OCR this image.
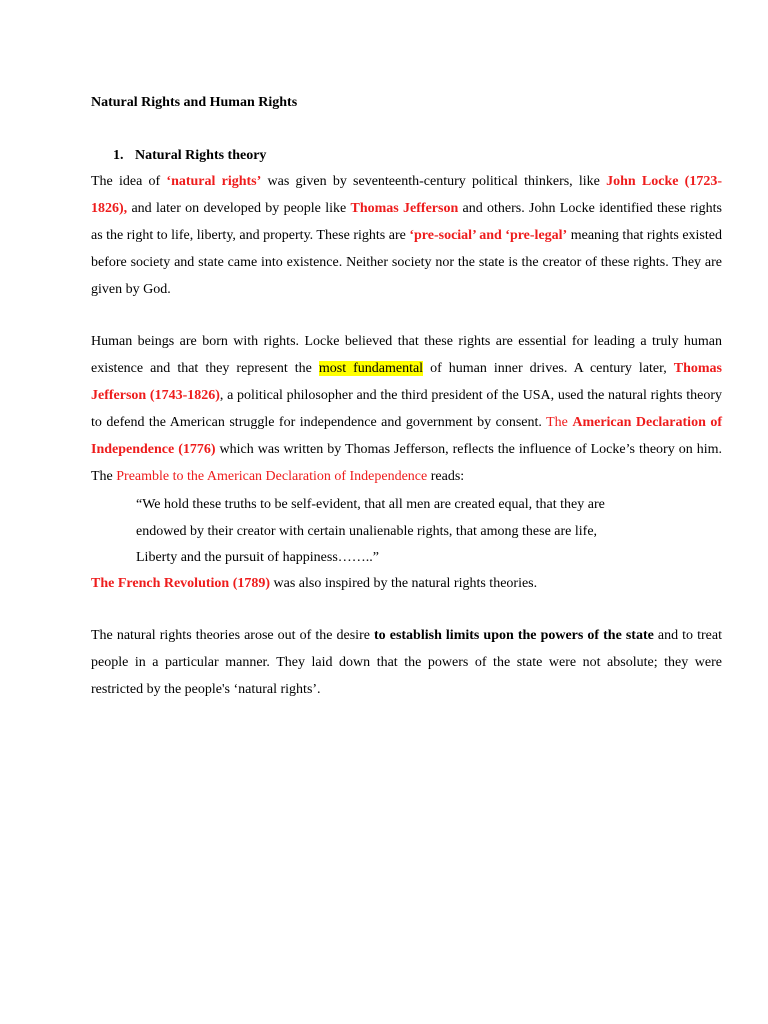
Natural Rights and Human Rights
1. Natural Rights theory
The idea of ‘natural rights’ was given by seventeenth-century political thinkers, like John Locke (1723- 1826), and later on developed by people like Thomas Jefferson and others. John Locke identified these rights as the right to life, liberty, and property. These rights are ‘pre-social’ and ‘pre-legal’ meaning that rights existed before society and state came into existence. Neither society nor the state is the creator of these rights. They are given by God.
Human beings are born with rights. Locke believed that these rights are essential for leading a truly human existence and that they represent the most fundamental of human inner drives. A century later, Thomas Jefferson (1743-1826), a political philosopher and the third president of the USA, used the natural rights theory to defend the American struggle for independence and government by consent. The American Declaration of Independence (1776) which was written by Thomas Jefferson, reflects the influence of Locke’s theory on him. The Preamble to the American Declaration of Independence reads:
“We hold these truths to be self-evident, that all men are created equal, that they are
endowed by their creator with certain unalienable rights, that among these are life,
Liberty and the pursuit of happiness……..”
The French Revolution (1789) was also inspired by the natural rights theories.
The natural rights theories arose out of the desire to establish limits upon the powers of the state and to treat people in a particular manner. They laid down that the powers of the state were not absolute; they were restricted by the people's ‘natural rights’.
